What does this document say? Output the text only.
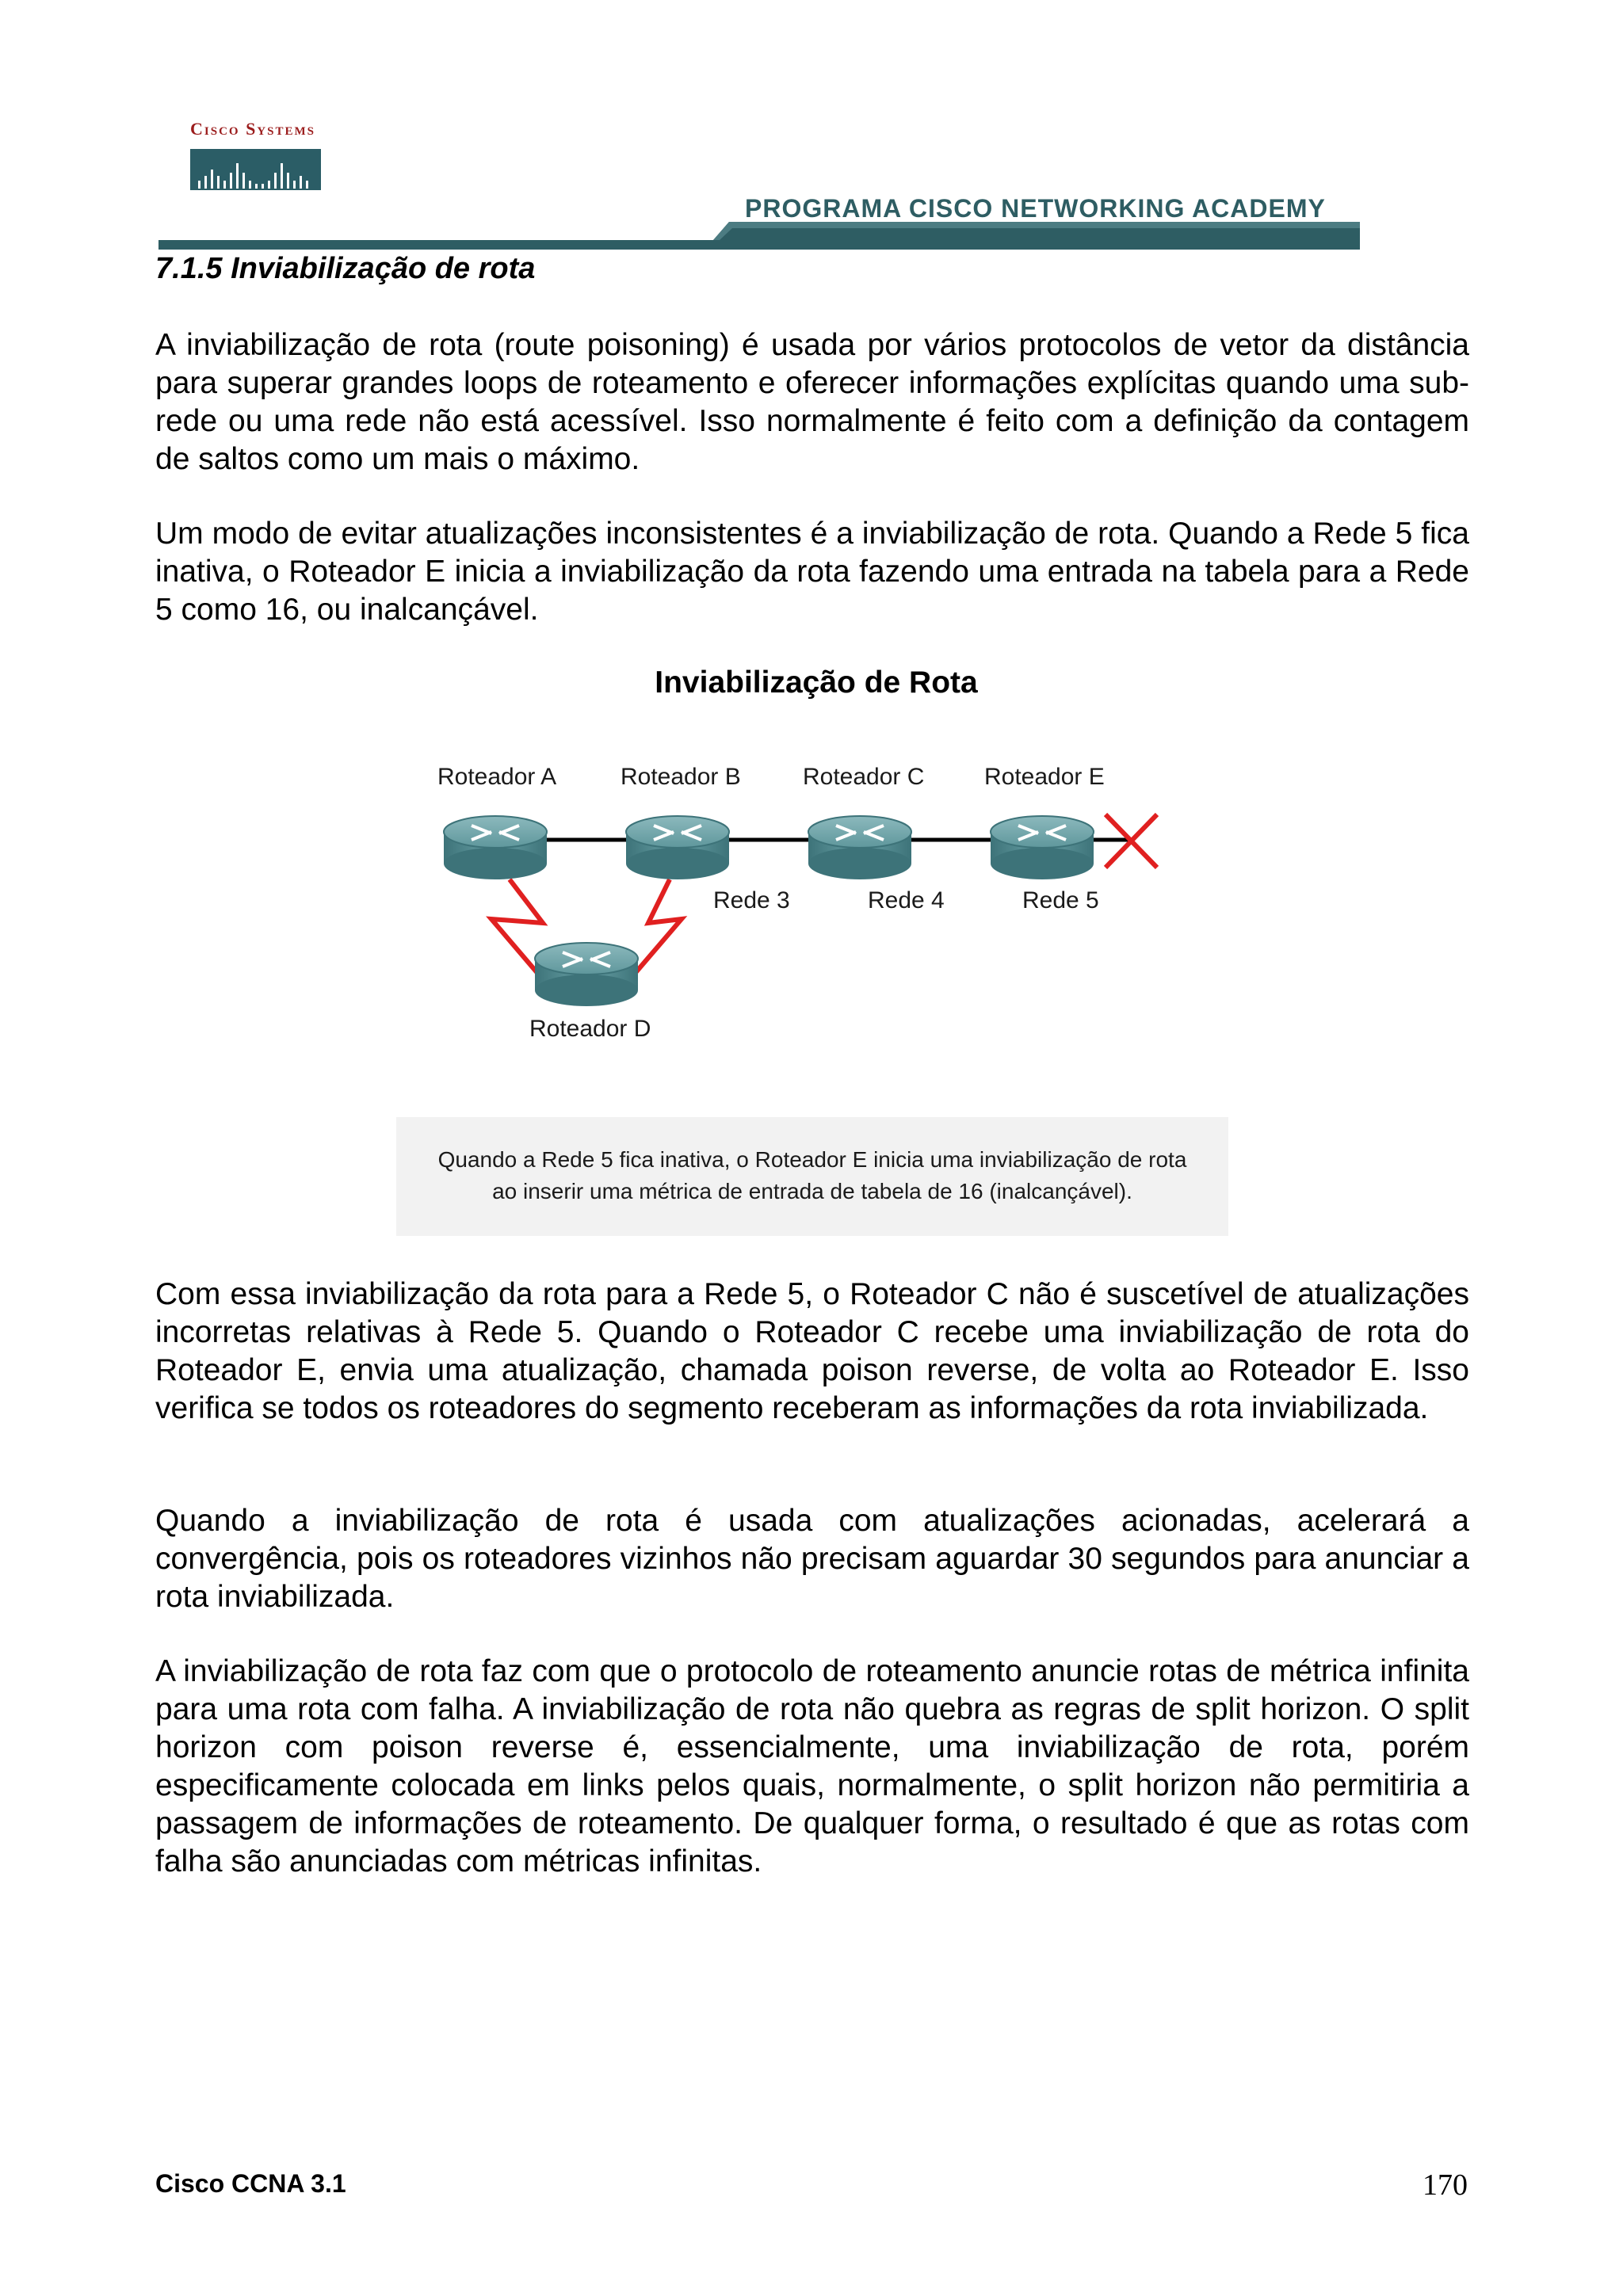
Cisco Systems
PROGRAMA CISCO NETWORKING ACADEMY
7.1.5 Inviabilização de rota

A inviabilização de rota (route poisoning) é usada por vários protocolos de vetor da distância para superar grandes loops de roteamento e oferecer informações explícitas quando uma sub-rede ou uma rede não está acessível. Isso normalmente é feito com a definição da contagem de saltos como um mais o máximo.

Um modo de evitar atualizações inconsistentes é a inviabilização de rota. Quando a Rede 5 fica inativa, o Roteador E inicia a inviabilização da rota fazendo uma entrada na tabela para a Rede 5 como 16, ou inalcançável.

Inviabilização de Rota
Roteador A	Roteador B	Roteador C	Roteador E
Roteador D
Rede 3	Rede 4	Rede 5
Quando a Rede 5 fica inativa, o Roteador E inicia uma inviabilização de rota
ao inserir uma métrica de entrada de tabela de 16 (inalcançável).

Com essa inviabilização da rota para a Rede 5, o Roteador C não é suscetível de atualizações incorretas relativas à Rede 5. Quando o Roteador C recebe uma inviabilização de rota do Roteador E, envia uma atualização, chamada poison reverse, de volta ao Roteador E. Isso verifica se todos os roteadores do segmento receberam as informações da rota inviabilizada.

Quando a inviabilização de rota é usada com atualizações acionadas, acelerará a convergência, pois os roteadores vizinhos não precisam aguardar 30 segundos para anunciar a rota inviabilizada.

A inviabilização de rota faz com que o protocolo de roteamento anuncie rotas de métrica infinita para uma rota com falha. A inviabilização de rota não quebra as regras de split horizon. O split horizon com poison reverse é, essencialmente, uma inviabilização de rota, porém especificamente colocada em links pelos quais, normalmente, o split horizon não permitiria a passagem de informações de roteamento. De qualquer forma, o resultado é que as rotas com falha são anunciadas com métricas infinitas.

Cisco CCNA 3.1	170
